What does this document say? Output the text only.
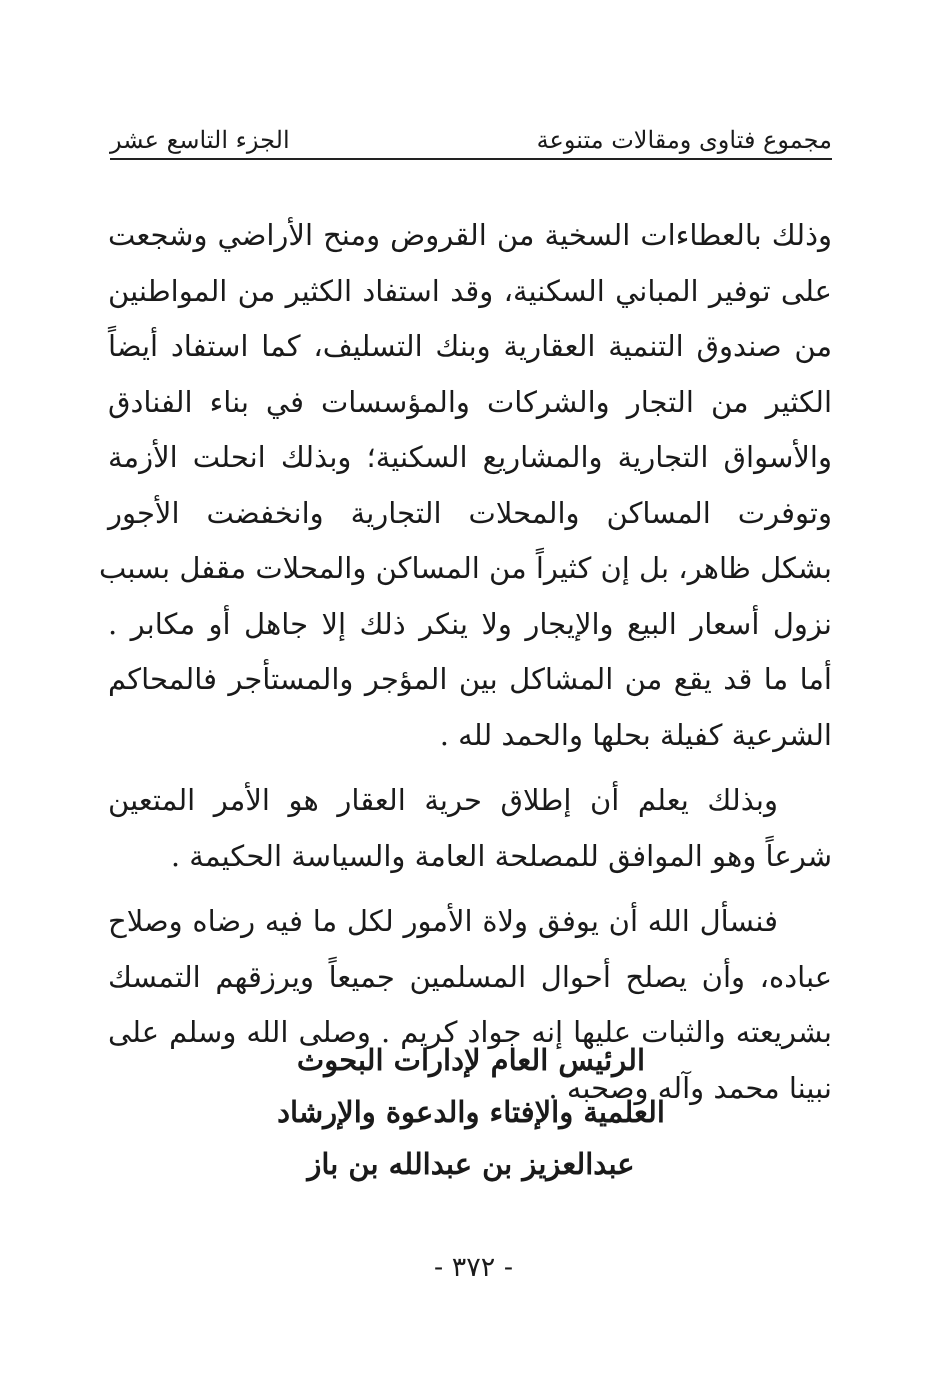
مجموع فتاوى ومقالات متنوعة
الجزء التاسع عشر

وذلك بالعطاءات السخية من القروض ومنح الأراضي وشجعت
على توفير المباني السكنية، وقد استفاد الكثير من المواطنين
من صندوق التنمية العقارية وبنك التسليف، كما استفاد أيضاً
الكثير من التجار والشركات والمؤسسات في بناء الفنادق
والأسواق التجارية والمشاريع السكنية؛ وبذلك انحلت الأزمة
وتوفرت المساكن والمحلات التجارية وانخفضت الأجور
بشكل ظاهر، بل إن كثيراً من المساكن والمحلات مقفل بسبب
نزول أسعار البيع والإيجار ولا ينكر ذلك إلا جاهل أو مكابر .
أما ما قد يقع من المشاكل بين المؤجر والمستأجر فالمحاكم
الشرعية كفيلة بحلها والحمد لله .

وبذلك يعلم أن إطلاق حرية العقار هو الأمر المتعين
شرعاً وهو الموافق للمصلحة العامة والسياسة الحكيمة .

فنسأل الله أن يوفق ولاة الأمور لكل ما فيه رضاه وصلاح
عباده، وأن يصلح أحوال المسلمين جميعاً ويرزقهم التمسك
بشريعته والثبات عليها إنه جواد كريم . وصلى الله وسلم على
نبينا محمد وآله وصحبه .

الرئيس العام لإدارات البحوث
العلمية والإفتاء والدعوة والإرشاد
عبدالعزيز بن عبدالله بن باز
- ٣٧٢ -
